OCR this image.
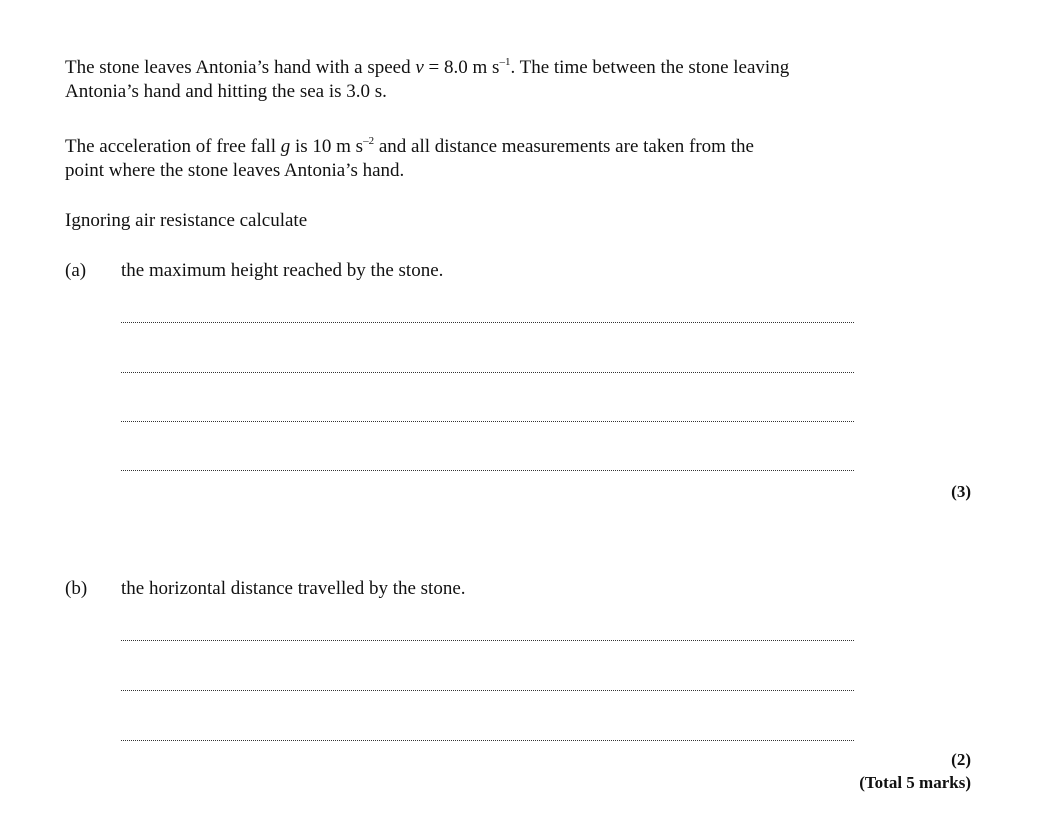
The stone leaves Antonia’s hand with a speed v = 8.0 m $s^{-1}$. The time between the stone leaving
Antonia’s hand and hitting the sea is 3.0 s.
The acceleration of free fall g is 10 m $s^{-2}$ and all distance measurements are taken from the
point where the stone leaves Antonia’s hand.
Ignoring air resistance calculate
(a) the maximum height reached by the stone.
(3)
(b) the horizontal distance travelled by the stone.
(2)
(Total 5 marks)
